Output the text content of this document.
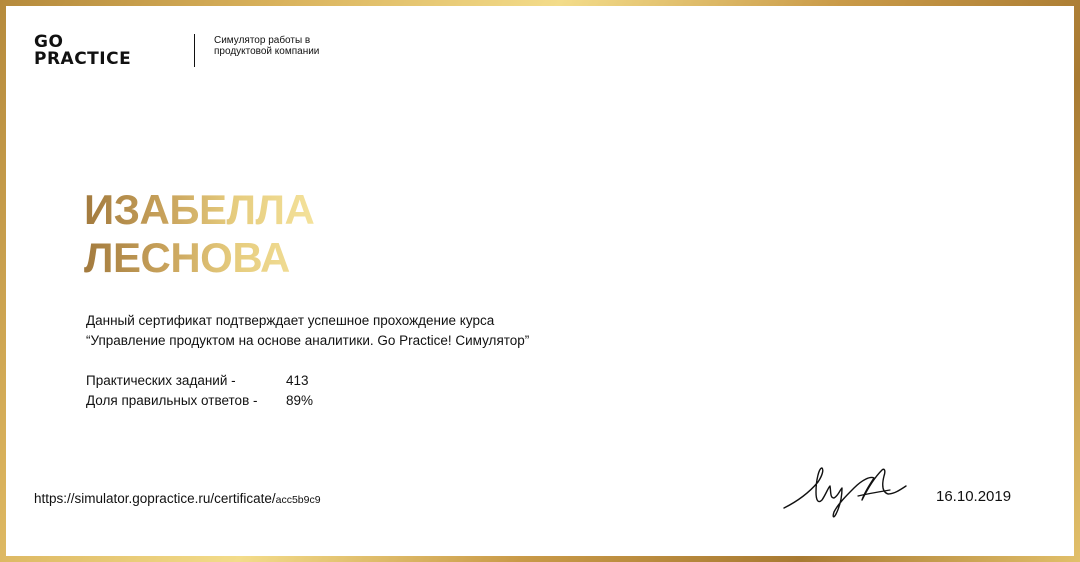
GO
PRACTICE
Симулятор работы в продуктовой компании
ИЗАБЕЛЛА
ЛЕСНОВА
Данный сертификат подтверждает успешное прохождение курса
“Управление продуктом на основе аналитики. Go Practice! Симулятор”
Практических заданий -	413
Доля правильных ответов - 89%
https://simulator.gopractice.ru/certificate/acc5b9c9	16.10.2019
